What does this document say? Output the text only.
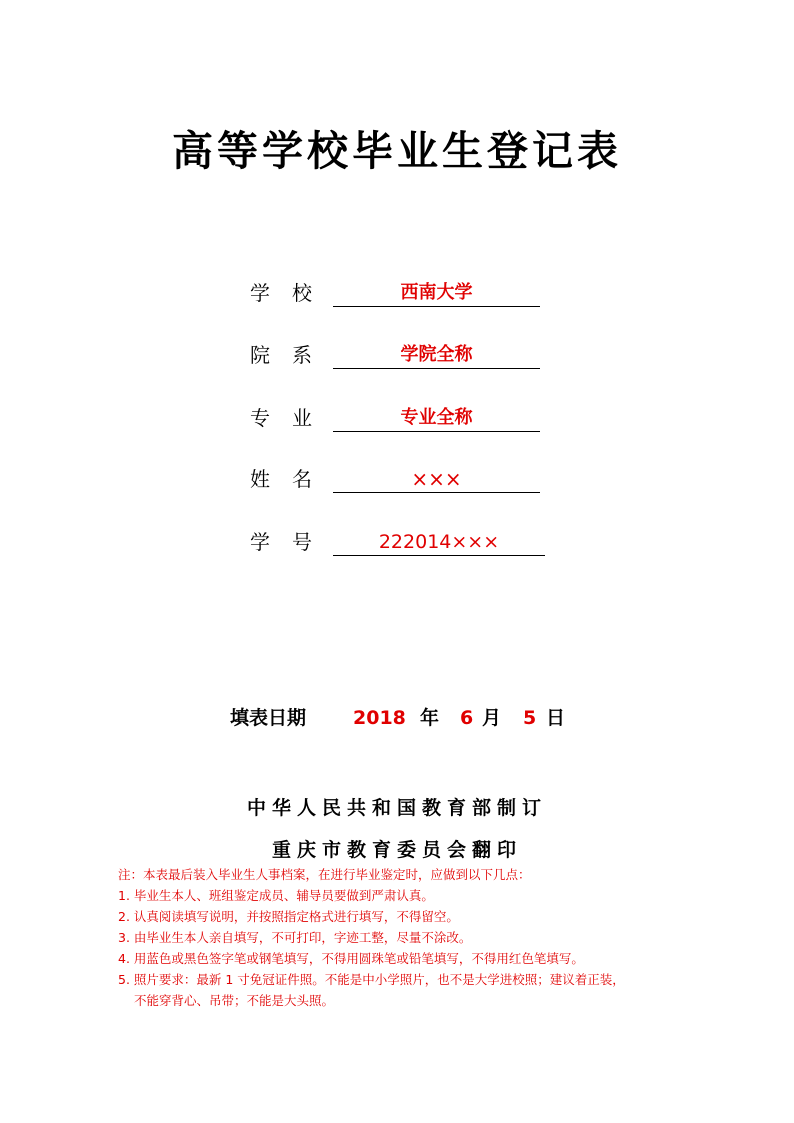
高等学校毕业生登记表
学 校	西南大学
院 系	学院全称
专 业	专业全称
姓 名	×××
学 号	222014×××
填表日期 2018 年 6 月 5 日
中华人民共和国教育部制订
重庆市教育委员会翻印
注：本表最后装入毕业生人事档案，在进行毕业鉴定时，应做到以下几点：
1. 毕业生本人、班组鉴定成员、辅导员要做到严肃认真。
2. 认真阅读填写说明，并按照指定格式进行填写，不得留空。
3. 由毕业生本人亲自填写，不可打印，字迹工整，尽量不涂改。
4. 用蓝色或黑色签字笔或钢笔填写，不得用圆珠笔或铅笔填写，不得用红色笔填写。
5. 照片要求：最新 1 寸免冠证件照。不能是中小学照片，也不是大学进校照；建议着正装，
不能穿背心、吊带；不能是大头照。
